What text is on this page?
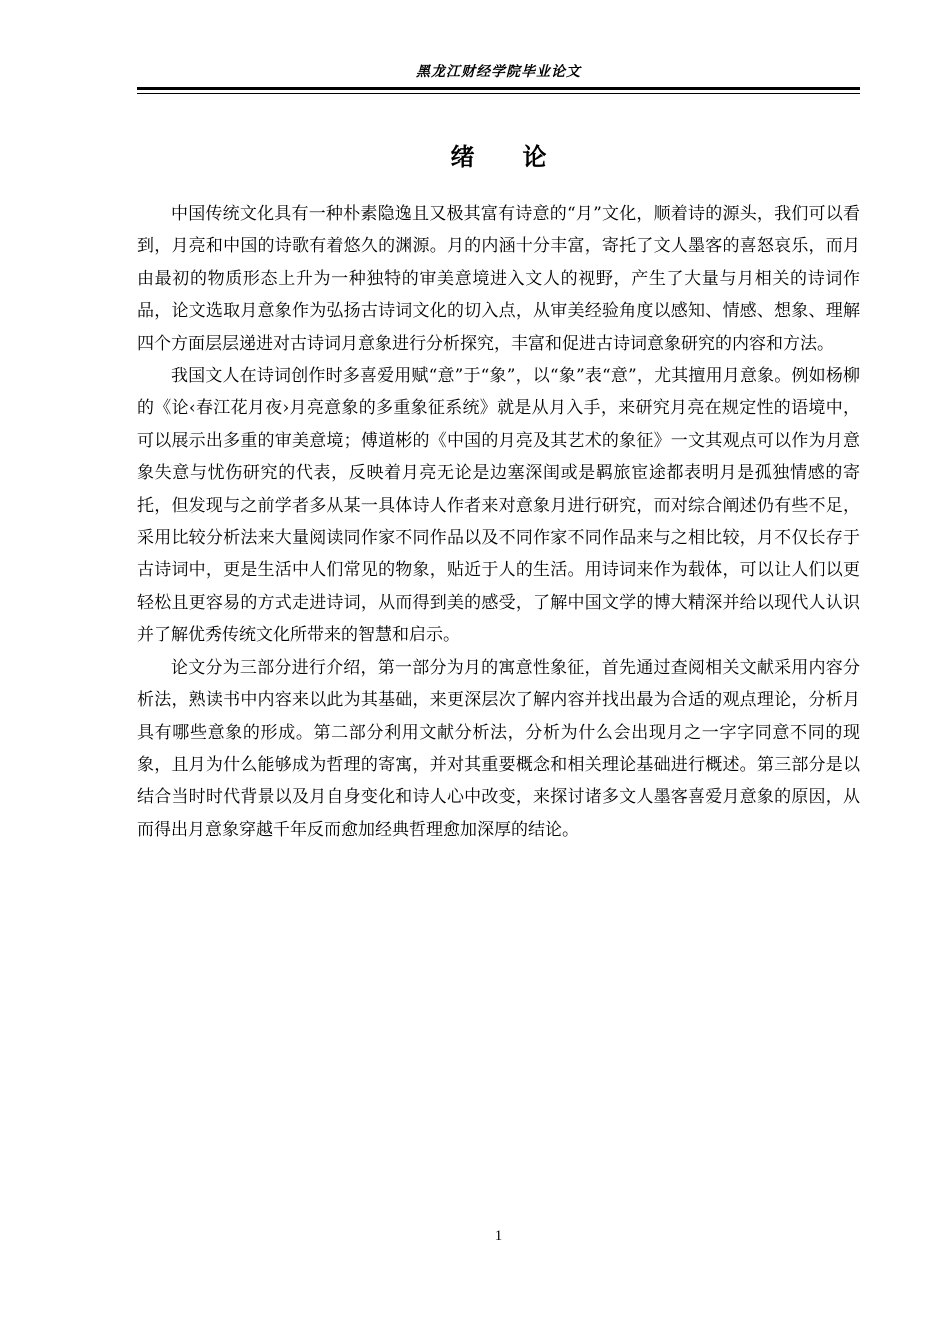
黑龙江财经学院毕业论文
绪 论

中国传统文化具有一种朴素隐逸且又极其富有诗意的“月”文化，顺着诗的源头，我们可以看到，月亮和中国的诗歌有着悠久的渊源。月的内涵十分丰富，寄托了文人墨客的喜怒哀乐，而月由最初的物质形态上升为一种独特的审美意境进入文人的视野，产生了大量与月相关的诗词作品，论文选取月意象作为弘扬古诗词文化的切入点，从审美经验角度以感知、情感、想象、理解四个方面层层递进对古诗词月意象进行分析探究，丰富和促进古诗词意象研究的内容和方法。

我国文人在诗词创作时多喜爱用赋“意”于“象”，以“象”表“意”，尤其擅用月意象。例如杨柳的《论‹春江花月夜›月亮意象的多重象征系统》就是从月入手，来研究月亮在规定性的语境中，可以展示出多重的审美意境；傅道彬的《中国的月亮及其艺术的象征》一文其观点可以作为月意象失意与忧伤研究的代表，反映着月亮无论是边塞深闺或是羁旅宦途都表明月是孤独情感的寄托，但发现与之前学者多从某一具体诗人作者来对意象月进行研究，而对综合阐述仍有些不足，采用比较分析法来大量阅读同作家不同作品以及不同作家不同作品来与之相比较，月不仅长存于古诗词中，更是生活中人们常见的物象，贴近于人的生活。用诗词来作为载体，可以让人们以更轻松且更容易的方式走进诗词，从而得到美的感受，了解中国文学的博大精深并给以现代人认识并了解优秀传统文化所带来的智慧和启示。

论文分为三部分进行介绍，第一部分为月的寓意性象征，首先通过查阅相关文献采用内容分析法，熟读书中内容来以此为其基础，来更深层次了解内容并找出最为合适的观点理论，分析月具有哪些意象的形成。第二部分利用文献分析法，分析为什么会出现月之一字字同意不同的现象，且月为什么能够成为哲理的寄寓，并对其重要概念和相关理论基础进行概述。第三部分是以结合当时时代背景以及月自身变化和诗人心中改变，来探讨诸多文人墨客喜爱月意象的原因，从而得出月意象穿越千年反而愈加经典哲理愈加深厚的结论。

1
